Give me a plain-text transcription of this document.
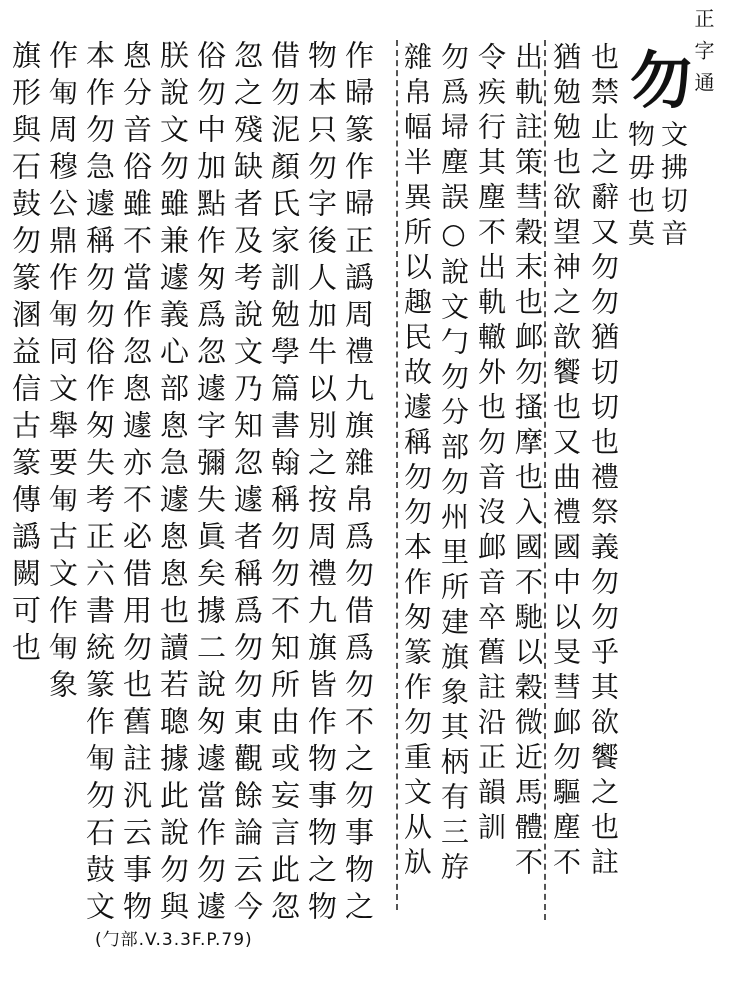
正字通
勿
文拂切音
物毋也莫
也禁止之辭又勿勿猶切切也禮祭義勿勿乎其欲饗之也註
猶勉勉也欲望神之歆饗也又曲禮國中以旻彗䘏勿驅塵不
出軌註策彗穀末也䘏勿搔摩也入國不馳以穀微近馬體不
令疾行其塵不出軌轍外也勿音沒䘏音卒舊註沿正韻訓
勿爲埽塵誤○說文勹勿分部勿州里所建旗象其柄有三斿
雜帛幅半異所以趣民故遽稱勿勿本作匆篆作勿重文从㫃
作㫶篆作㫶正譌周禮九旗雜帛爲勿借爲勿不之勿事物之
物本只勿字後人加牛以別之按周禮九旗皆作物事物之物
借勿泥顏氏家訓勉學篇書翰稱勿勿不知所由或妄言此忽
忽之殘缺者及考說文乃知忽遽者稱爲勿勿東觀餘論云今
俗勿中加點作匆爲忽遽字彌失眞矣據二說匆遽當作勿遽
朕說文勿雖兼遽義心部悤急遽悤悤也讀若聰據此說勿與
悤分音俗雖不當作忽悤遽亦不必借用勿也舊註汎云事物
本作勿急遽稱勿勿俗作匆失考正六書統篆作𠣞勿石鼓文
作𠣞周穆公鼎作𠣞同文舉要𠣞古文作𠣞象
旗形與石鼓勿篆溷益信古篆傳譌闕可也
(勹部.V.3.3F.P.79)
